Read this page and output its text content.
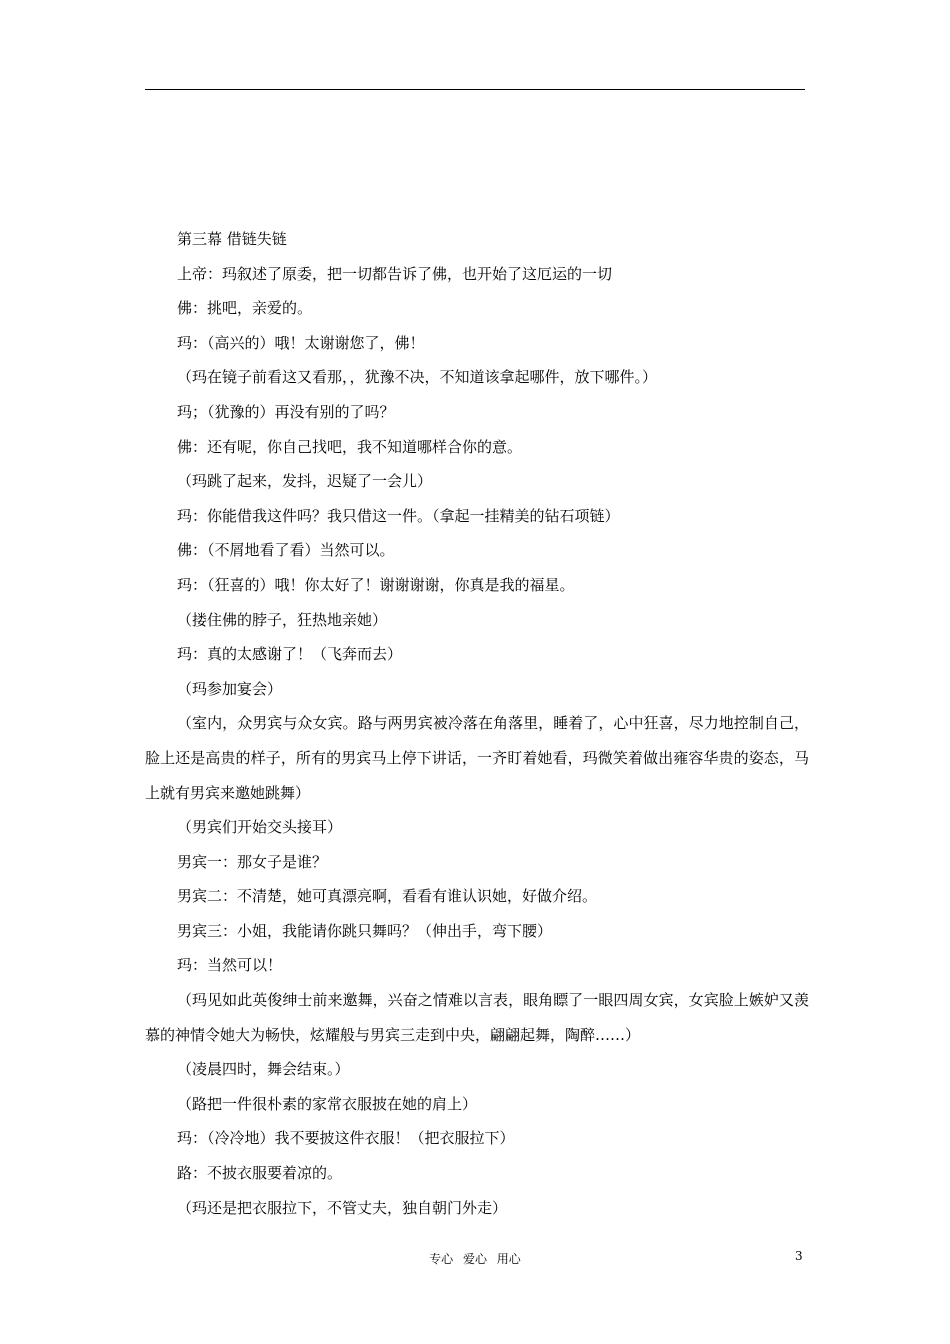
第三幕 借链失链

上帝：玛叙述了原委，把一切都告诉了佛，也开始了这厄运的一切

佛：挑吧，亲爱的。

玛：（高兴的）哦！太谢谢您了，佛！

（玛在镜子前看这又看那，，犹豫不决，不知道该拿起哪件，放下哪件。）

玛；（犹豫的）再没有别的了吗？

佛：还有呢，你自己找吧，我不知道哪样合你的意。

（玛跳了起来，发抖，迟疑了一会儿）

玛：你能借我这件吗？我只借这一件。（拿起一挂精美的钻石项链）

佛：（不屑地看了看）当然可以。

玛：（狂喜的）哦！你太好了！谢谢谢谢，你真是我的福星。

（搂住佛的脖子，狂热地亲她）

玛：真的太感谢了！（飞奔而去）

（玛参加宴会）

（室内，众男宾与众女宾。路与两男宾被冷落在角落里，睡着了，心中狂喜，尽力地控制自己，脸上还是高贵的样子，所有的男宾马上停下讲话，一齐盯着她看，玛微笑着做出雍容华贵的姿态，马上就有男宾来邀她跳舞）

（男宾们开始交头接耳）

男宾一：那女子是谁？

男宾二：不清楚，她可真漂亮啊，看看有谁认识她，好做介绍。

男宾三：小姐，我能请你跳只舞吗？（伸出手，弯下腰）

玛：当然可以！

（玛见如此英俊绅士前来邀舞，兴奋之情难以言表，眼角瞟了一眼四周女宾，女宾脸上嫉妒又羡慕的神情令她大为畅快，炫耀般与男宾三走到中央，翩翩起舞，陶醉……）

（凌晨四时，舞会结束。）

（路把一件很朴素的家常衣服披在她的肩上）

玛：（冷冷地）我不要披这件衣服！（把衣服拉下）

路：不披衣服要着凉的。

（玛还是把衣服拉下，不管丈夫，独自朝门外走）

专心 爱心 用心	3
